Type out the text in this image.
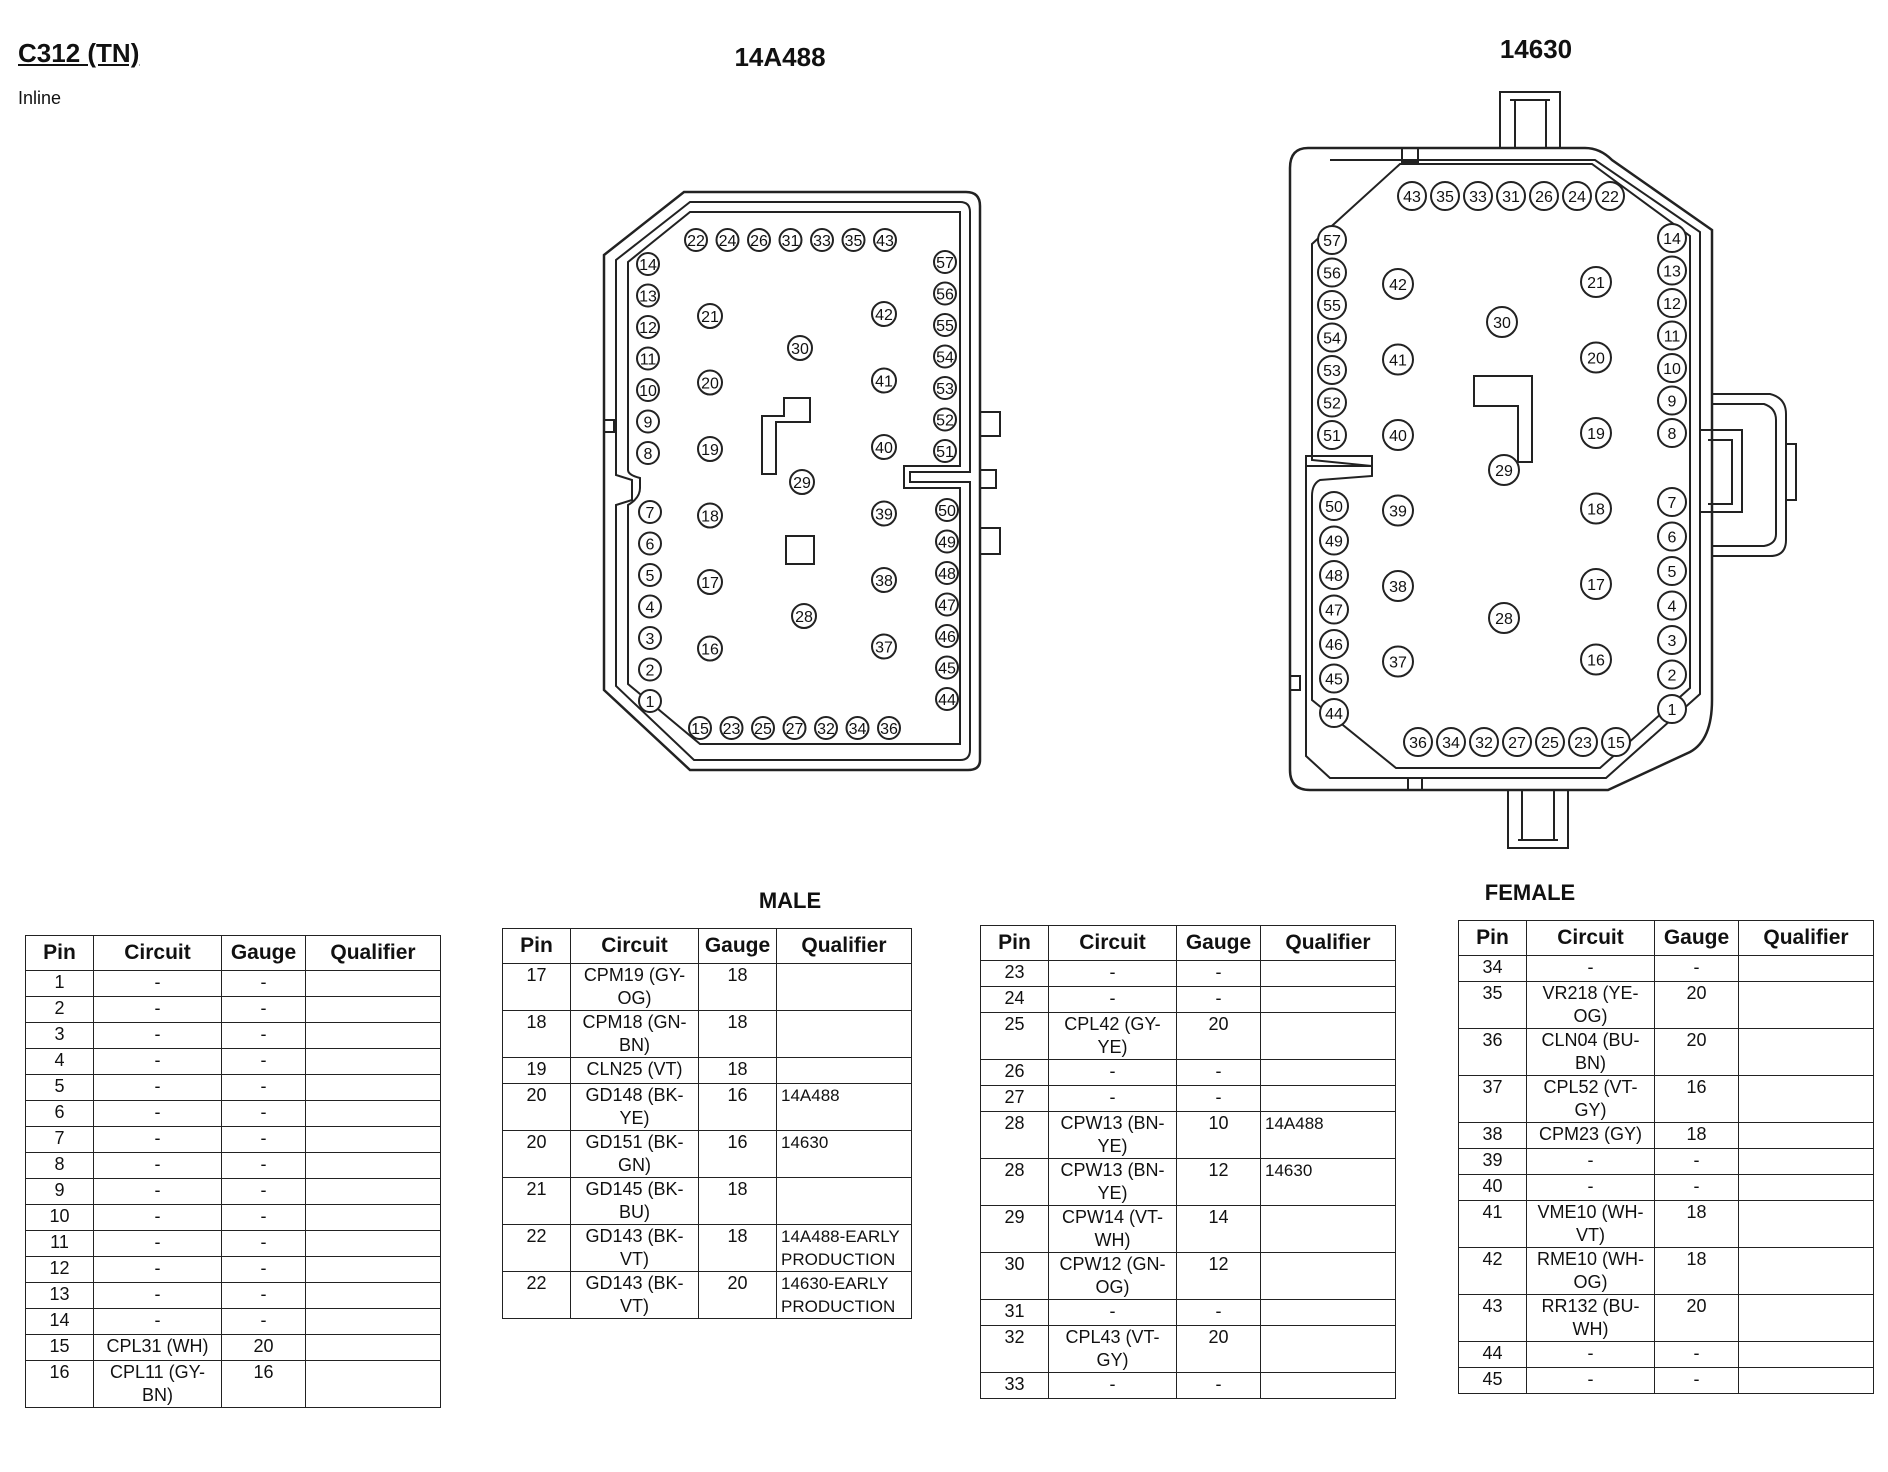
C312 (TN)
Inline
14A488	14630
MALE	FEMALE
22 24 26 31 33 35 43
15 23 25 27 32 34 36
14
13
12
11
10
9
8
7
6
5
4
3
2
1
57
56
55
54
53
52
51
50
49
48
47
46
45
44
21
20
19
18
17
16
42
41
40
39
38
37
30
29
28
43 35 33 31 26 24 22
36 34 32 27 25 23 15
57
56
55
54
53
52
51
50
49
48
47
46
45
44
14
13
12
11
10
9
8
7
6
5
4
3
2
1
42
41
40
39
38
37
21
20
19
18
17
16
30
29
28
Pin	Circuit	Gauge	Qualifier
1	-	-	
2	-	-	
3	-	-	
4	-	-	
5	-	-	
6	-	-	
7	-	-	
8	-	-	
9	-	-	
10	-	-	
11	-	-	
12	-	-	
13	-	-	
14	-	-	
15	CPL31 (WH)	20	
16	CPL11 (GY-BN)	16	
Pin	Circuit	Gauge	Qualifier
17	CPM19 (GY-OG)	18	
18	CPM18 (GN-BN)	18	
19	CLN25 (VT)	18	
20	GD148 (BK-YE)	16	14A488
20	GD151 (BK-GN)	16	14630
21	GD145 (BK-BU)	18	
22	GD143 (BK-VT)	18	14A488-EARLY PRODUCTION
22	GD143 (BK-VT)	20	14630-EARLY PRODUCTION
Pin	Circuit	Gauge	Qualifier
23	-	-	
24	-	-	
25	CPL42 (GY-YE)	20	
26	-	-	
27	-	-	
28	CPW13 (BN-YE)	10	14A488
28	CPW13 (BN-YE)	12	14630
29	CPW14 (VT-WH)	14	
30	CPW12 (GN-OG)	12	
31	-	-	
32	CPL43 (VT-GY)	20	
33	-	-	
Pin	Circuit	Gauge	Qualifier
34	-	-	
35	VR218 (YE-OG)	20	
36	CLN04 (BU-BN)	20	
37	CPL52 (VT-GY)	16	
38	CPM23 (GY)	18	
39	-	-	
40	-	-	
41	VME10 (WH-VT)	18	
42	RME10 (WH-OG)	18	
43	RR132 (BU-WH)	20	
44	-	-	
45	-	-	
